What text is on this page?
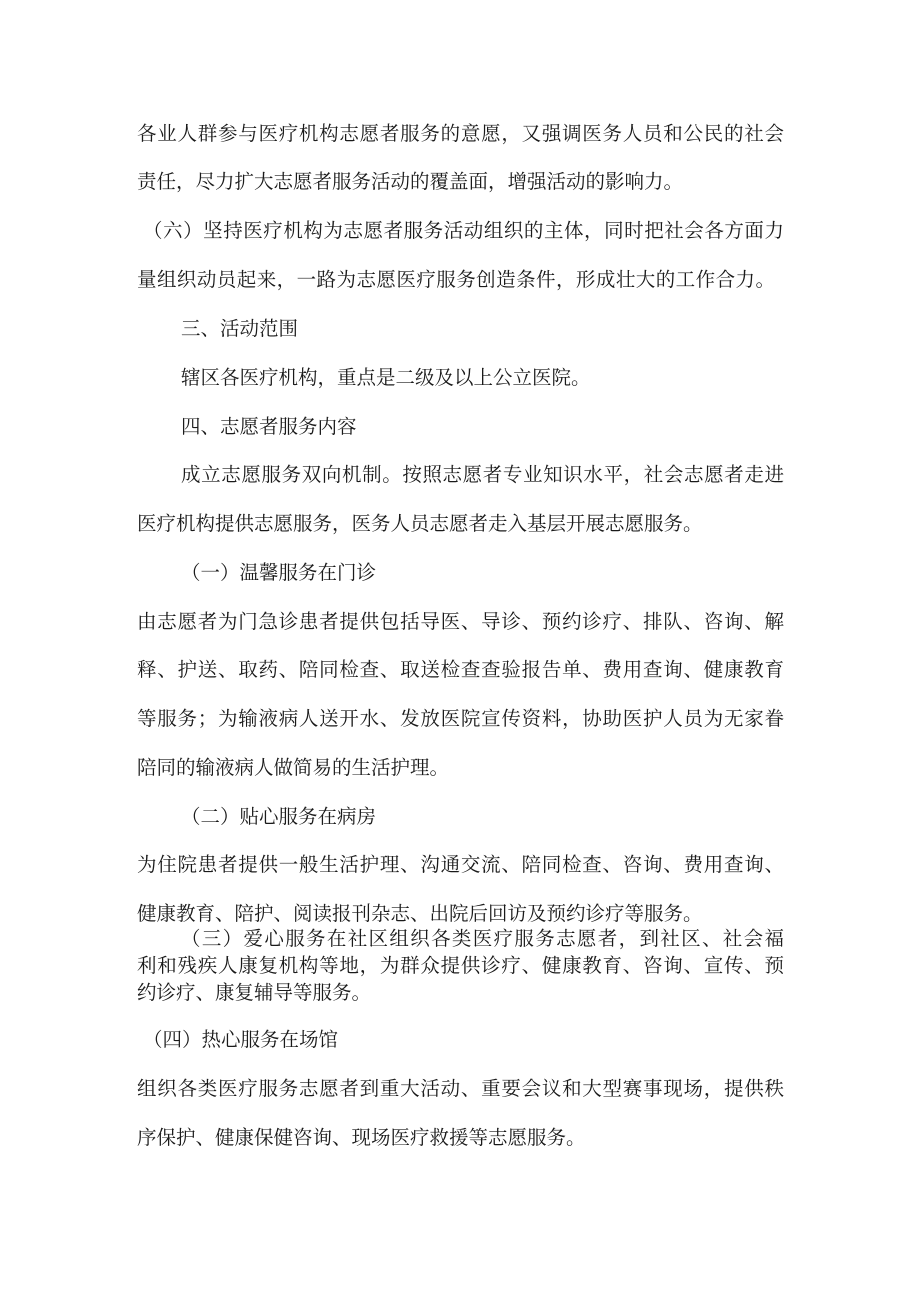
各业人群参与医疗机构志愿者服务的意愿，又强调医务人员和公民的社会
责任，尽力扩大志愿者服务活动的覆盖面，增强活动的影响力。
（六）坚持医疗机构为志愿者服务活动组织的主体，同时把社会各方面力
量组织动员起来，一路为志愿医疗服务创造条件，形成壮大的工作合力。
三、活动范围
辖区各医疗机构，重点是二级及以上公立医院。
四、志愿者服务内容
成立志愿服务双向机制。按照志愿者专业知识水平，社会志愿者走进
医疗机构提供志愿服务，医务人员志愿者走入基层开展志愿服务。
（一）温馨服务在门诊
由志愿者为门急诊患者提供包括导医、导诊、预约诊疗、排队、咨询、解
释、护送、取药、陪同检查、取送检查查验报告单、费用查询、健康教育
等服务；为输液病人送开水、发放医院宣传资料，协助医护人员为无家眷
陪同的输液病人做简易的生活护理。
（二）贴心服务在病房
为住院患者提供一般生活护理、沟通交流、陪同检查、咨询、费用查询、
健康教育、陪护、阅读报刊杂志、出院后回访及预约诊疗等服务。
（三）爱心服务在社区组织各类医疗服务志愿者，到社区、社会福
利和残疾人康复机构等地，为群众提供诊疗、健康教育、咨询、宣传、预
约诊疗、康复辅导等服务。
（四）热心服务在场馆
组织各类医疗服务志愿者到重大活动、重要会议和大型赛事现场，提供秩
序保护、健康保健咨询、现场医疗救援等志愿服务。
